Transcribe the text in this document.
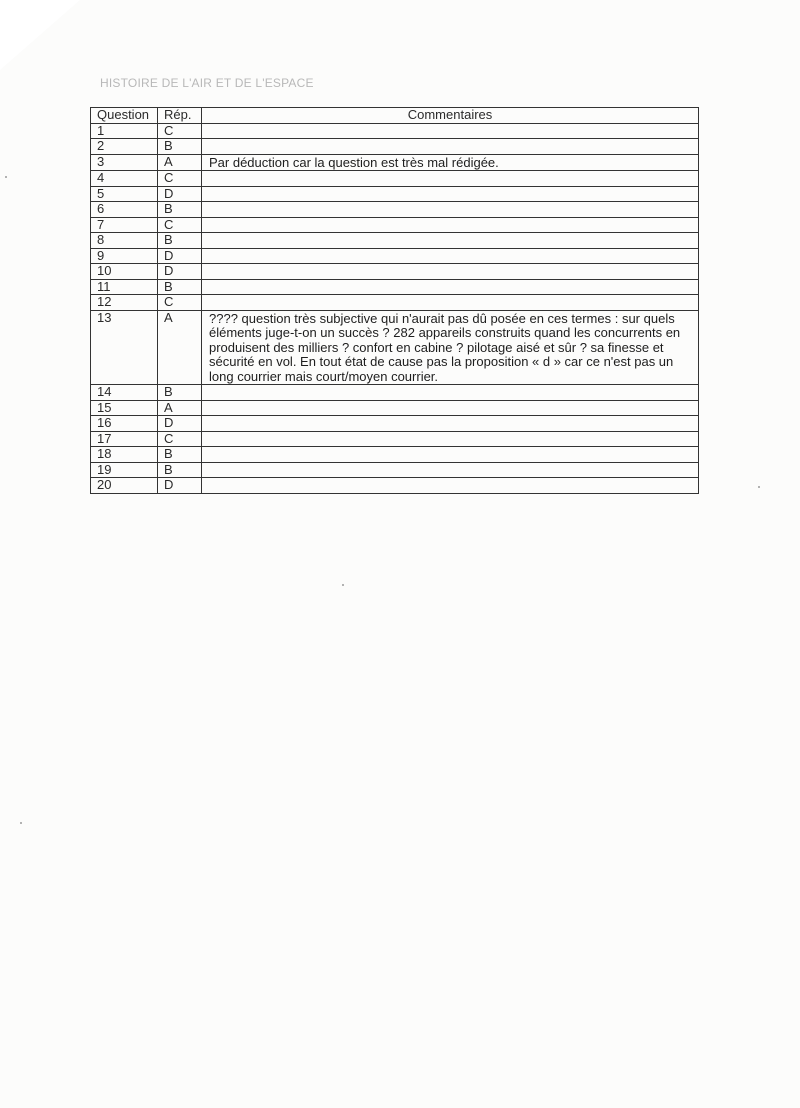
HISTOIRE DE L'AIR ET DE L'ESPACE
Question	Rép.	Commentaires
1	C	
2	B	
3	A	Par déduction car la question est très mal rédigée.
4	C	
5	D	
6	B	
7	C	
8	B	
9	D	
10	D	
11	B	
12	C	
13	A	???? question très subjective qui n'aurait pas dû posée en ces termes : sur quels éléments juge-t-on un succès ? 282 appareils construits quand les concurrents en produisent des milliers ? confort en cabine ? pilotage aisé et sûr ? sa finesse et sécurité en vol. En tout état de cause pas la proposition « d » car ce n'est pas un long courrier mais court/moyen courrier.
14	B	
15	A	
16	D	
17	C	
18	B	
19	B	
20	D	
